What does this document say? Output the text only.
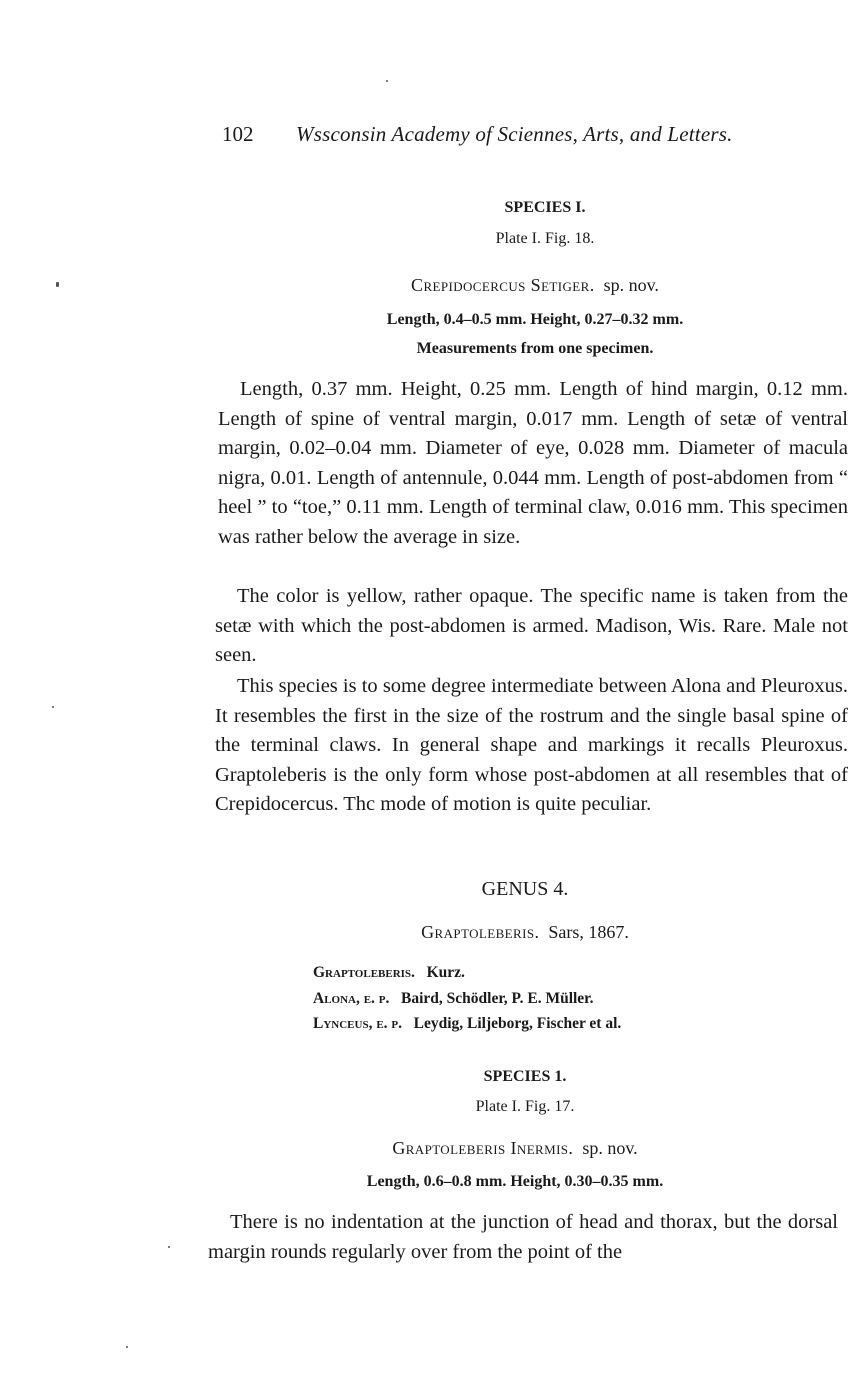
102 Wssconsin Academy of Sciennes, Arts, and Letters.
SPECIES I.
Plate I. Fig. 18.
Crepidocercus Setiger. sp. nov.
Length, 0.4–0.5 mm. Height, 0.27–0.32 mm.
Measurements from one specimen.
Length, 0.37 mm. Height, 0.25 mm. Length of hind margin, 0.12 mm. Length of spine of ventral margin, 0.017 mm. Length of setæ of ventral margin, 0.02–0.04 mm. Diameter of eye, 0.028 mm. Diameter of macula nigra, 0.01. Length of antennule, 0.044 mm. Length of post-abdomen from “ heel ” to “toe,” 0.11 mm. Length of terminal claw, 0.016 mm. This specimen was rather below the average in size.
The color is yellow, rather opaque. The specific name is taken from the setæ with which the post-abdomen is armed. Madison, Wis. Rare. Male not seen.
This species is to some degree intermediate between Alona and Pleuroxus. It resembles the first in the size of the rostrum and the single basal spine of the terminal claws. In general shape and markings it recalls Pleuroxus. Graptoleberis is the only form whose post-abdomen at all resembles that of Crepidocercus. Thc mode of motion is quite peculiar.
GENUS 4.
Graptoleberis. Sars, 1867.
Graptoleberis. Kurz.
Alona, e. p. Baird, Schödler, P. E. Müller.
Lynceus, e. p. Leydig, Liljeborg, Fischer et al.
SPECIES 1.
Plate I. Fig. 17.
Graptoleberis Inermis. sp. nov.
Length, 0.6–0.8 mm. Height, 0.30–0.35 mm.
There is no indentation at the junction of head and thorax, but the dorsal margin rounds regularly over from the point of the
